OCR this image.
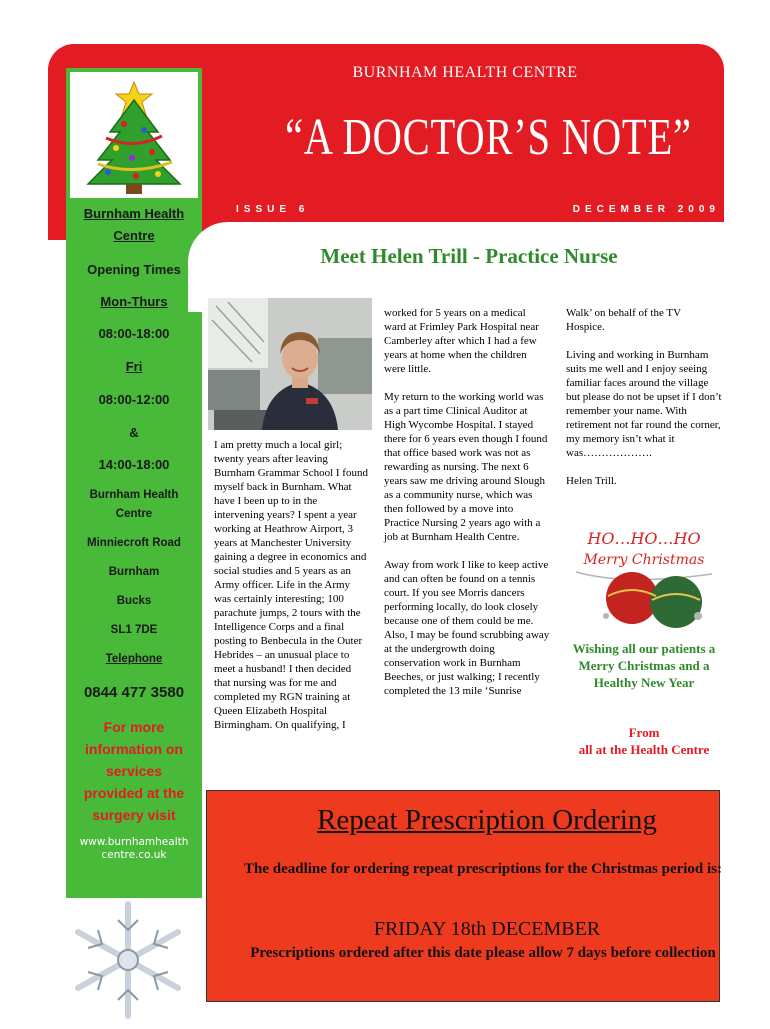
BURNHAM HEALTH CENTRE
“A DOCTOR’S NOTE”
ISSUE 6	DECEMBER 2009
Burnham Health
Centre
Opening Times
Mon-Thurs
08:00-18:00
Fri
08:00-12:00
&
14:00-18:00
Burnham Health
Centre
Minniecroft Road
Burnham
Bucks
SL1 7DE
Telephone
0844 477 3580
For more
information on
services
provided at the
surgery visit
www.burnhamhealth
centre.co.uk
Meet Helen Trill - Practice Nurse

I am pretty much a local girl; twenty years after leaving Burnham Grammar School I found myself back in Burnham. What have I been up to in the intervening years? I spent a year working at Heathrow Airport, 3 years at Manchester University gaining a degree in economics and social studies and 5 years as an Army officer. Life in the Army was certainly interesting; 100 parachute jumps, 2 tours with the Intelligence Corps and a final posting to Benbecula in the Outer Hebrides – an unusual place to meet a husband! I then decided that nursing was for me and completed my RGN training at Queen Elizabeth Hospital Birmingham. On qualifying, I

worked for 5 years on a medical ward at Frimley Park Hospital near Camberley after which I had a few years at home when the children were little.

My return to the working world was as a part time Clinical Auditor at High Wycombe Hospital. I stayed there for 6 years even though I found that office based work was not as rewarding as nursing. The next 6 years saw me driving around Slough as a community nurse, which was then followed by a move into Practice Nursing 2 years ago with a job at Burnham Health Centre.

Away from work I like to keep active and can often be found on a tennis court. If you see Morris dancers performing locally, do look closely because one of them could be me. Also, I may be found scrubbing away at the undergrowth doing conservation work in Burnham Beeches, or just walking; I recently completed the 13 mile ‘Sunrise

Walk’ on behalf of the TV Hospice.

Living and working in Burnham suits me well and I enjoy seeing familiar faces around the village but please do not be upset if I don’t remember your name. With retirement not far round the corner, my memory isn’t what it was……………….

Helen Trill.

HO…HO…HO
Merry Christmas
Wishing all our patients a Merry Christmas and a Healthy New Year
From
all at the Health Centre
Repeat Prescription Ordering
The deadline for ordering repeat prescriptions for the Christmas period is:
FRIDAY 18th DECEMBER
Prescriptions ordered after this date please allow 7 days before collection
